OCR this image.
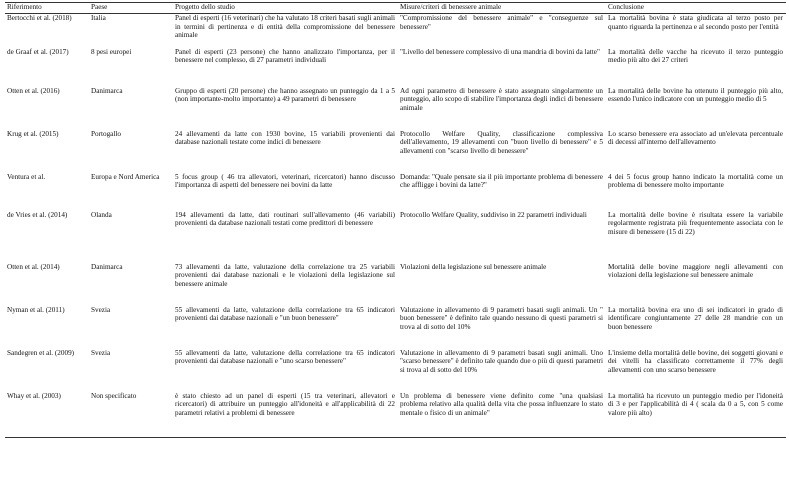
Riferimento	Paese	Progetto dello studio	Misure/criteri di benessere animale	Conclusione
Bertocchi et al. (2018)	Italia	Panel di esperti (16 veterinari) che ha valutato 18 criteri basati sugli animali in termini di pertinenza e di entità della compromissione del benessere animale	"Compromissione del benessere animale" e "conseguenze sul benessere"	La mortalità bovina è stata giudicata al terzo posto per quanto riguarda la pertinenza e al secondo posto per l'entità
de Graaf et al. (2017)	8 pesi europei	Panel di esperti (23 persone) che hanno analizzato l'importanza, per il benessere nel complesso, di 27 parametri individuali	"Livello del benessere complessivo di una mandria di bovini da latte"	La mortalità delle vacche ha ricevuto il terzo punteggio medio più alto dei 27 criteri
Otten et al. (2016)	Danimarca	Gruppo di esperti (20 persone) che hanno assegnato un punteggio da 1 a 5 (non importante-molto importante) a 49 parametri di benessere	Ad ogni parametro di benessere è stato assegnato singolarmente un punteggio, allo scopo di stabilire l'importanza degli indici di benessere animale	La mortalità delle bovine ha ottenuto il punteggio più alto, essendo l'unico indicatore con un punteggio medio di 5
Krug et al. (2015)	Portogallo	24 allevamenti da latte con 1930 bovine, 15 variabili provenienti dai database nazionali testate come indici di benessere	Protocollo Welfare Quality, classificazione complessiva dell'allevamento, 19 allevamenti con "buon livello di benessere" e 5 allevamenti con "scarso livello di benessere"	Lo scarso benessere era associato ad un'elevata percentuale di decessi all'interno dell'allevamento
Ventura et al.	Europa e Nord America	5 focus group ( 46 tra allevatori, veterinari, ricercatori) hanno discusso l'importanza di aspetti del benessere nei bovini da latte	Domanda: "Quale pensate sia il più importante problema di benessere che affligge i bovini da latte?"	4 dei 5 focus group hanno indicato la mortalità come un problema di benessere molto importante
de Vries et al. (2014)	Olanda	194 allevamenti da latte, dati routinari sull'allevamento (46 variabili) provenienti da database nazionali testati come predittori di benessere	Protocollo Welfare Quality, suddiviso in 22 parametri individuali	La mortalità delle bovine è risultata essere la variabile regolarmente registrata più frequentemente associata con le misure di benessere (15 di 22)
Otten et al. (2014)	Danimarca	73 allevamenti da latte, valutazione della correlazione tra 25 variabili provenienti dai database nazionali e le violazioni della legislazione sul benessere animale	Violazioni della legislazione sul benessere animale	Mortalità delle bovine maggiore negli allevamenti con violazioni della legislazione sul benessere animale
Nyman et al. (2011)	Svezia	55 allevamenti da latte, valutazione della correlazione tra 65 indicatori provenienti dai database nazionali e "un buon benessere"	Valutazione in allevamento di 9 parametri basati sugli animali. Un " buon benessere" è definito tale quando nessuno di questi parametri si trova al di sotto del 10%	La mortalità bovina era uno di sei indicatori in grado di identificare congiuntamente 27 delle 28 mandrie con un buon benessere
Sandegren et al. (2009)	Svezia	55 allevamenti da latte, valutazione della correlazione tra 65 indicatori provenienti dai database nazionali e "uno scarso benessere"	Valutazione in allevamento di 9 parametri basati sugli animali. Uno "scarso benessere" è definito tale quando due o più di questi parametri si trova al di sotto del 10%	L'insieme della mortalità delle bovine, dei soggetti giovani e dei vitelli ha classificato correttamente il 77% degli allevamenti con uno scarso benessere
Whay et al. (2003)	Non specificato	è stato chiesto ad un panel di esperti (15 tra veterinari, allevatori e ricercatori) di attribuire un punteggio all'idoneità e all'applicabilità di 22 parametri relativi a problemi di benessere	Un problema di benessere viene definito come "una qualsiasi problema relativo alla qualità della vita che possa influenzare lo stato mentale o fisico di un animale"	La mortalità ha ricevuto un punteggio medio per l'idoneità di 3 e per l'applicabilità di 4 ( scala da 0 a 5, con 5 come valore più alto)
